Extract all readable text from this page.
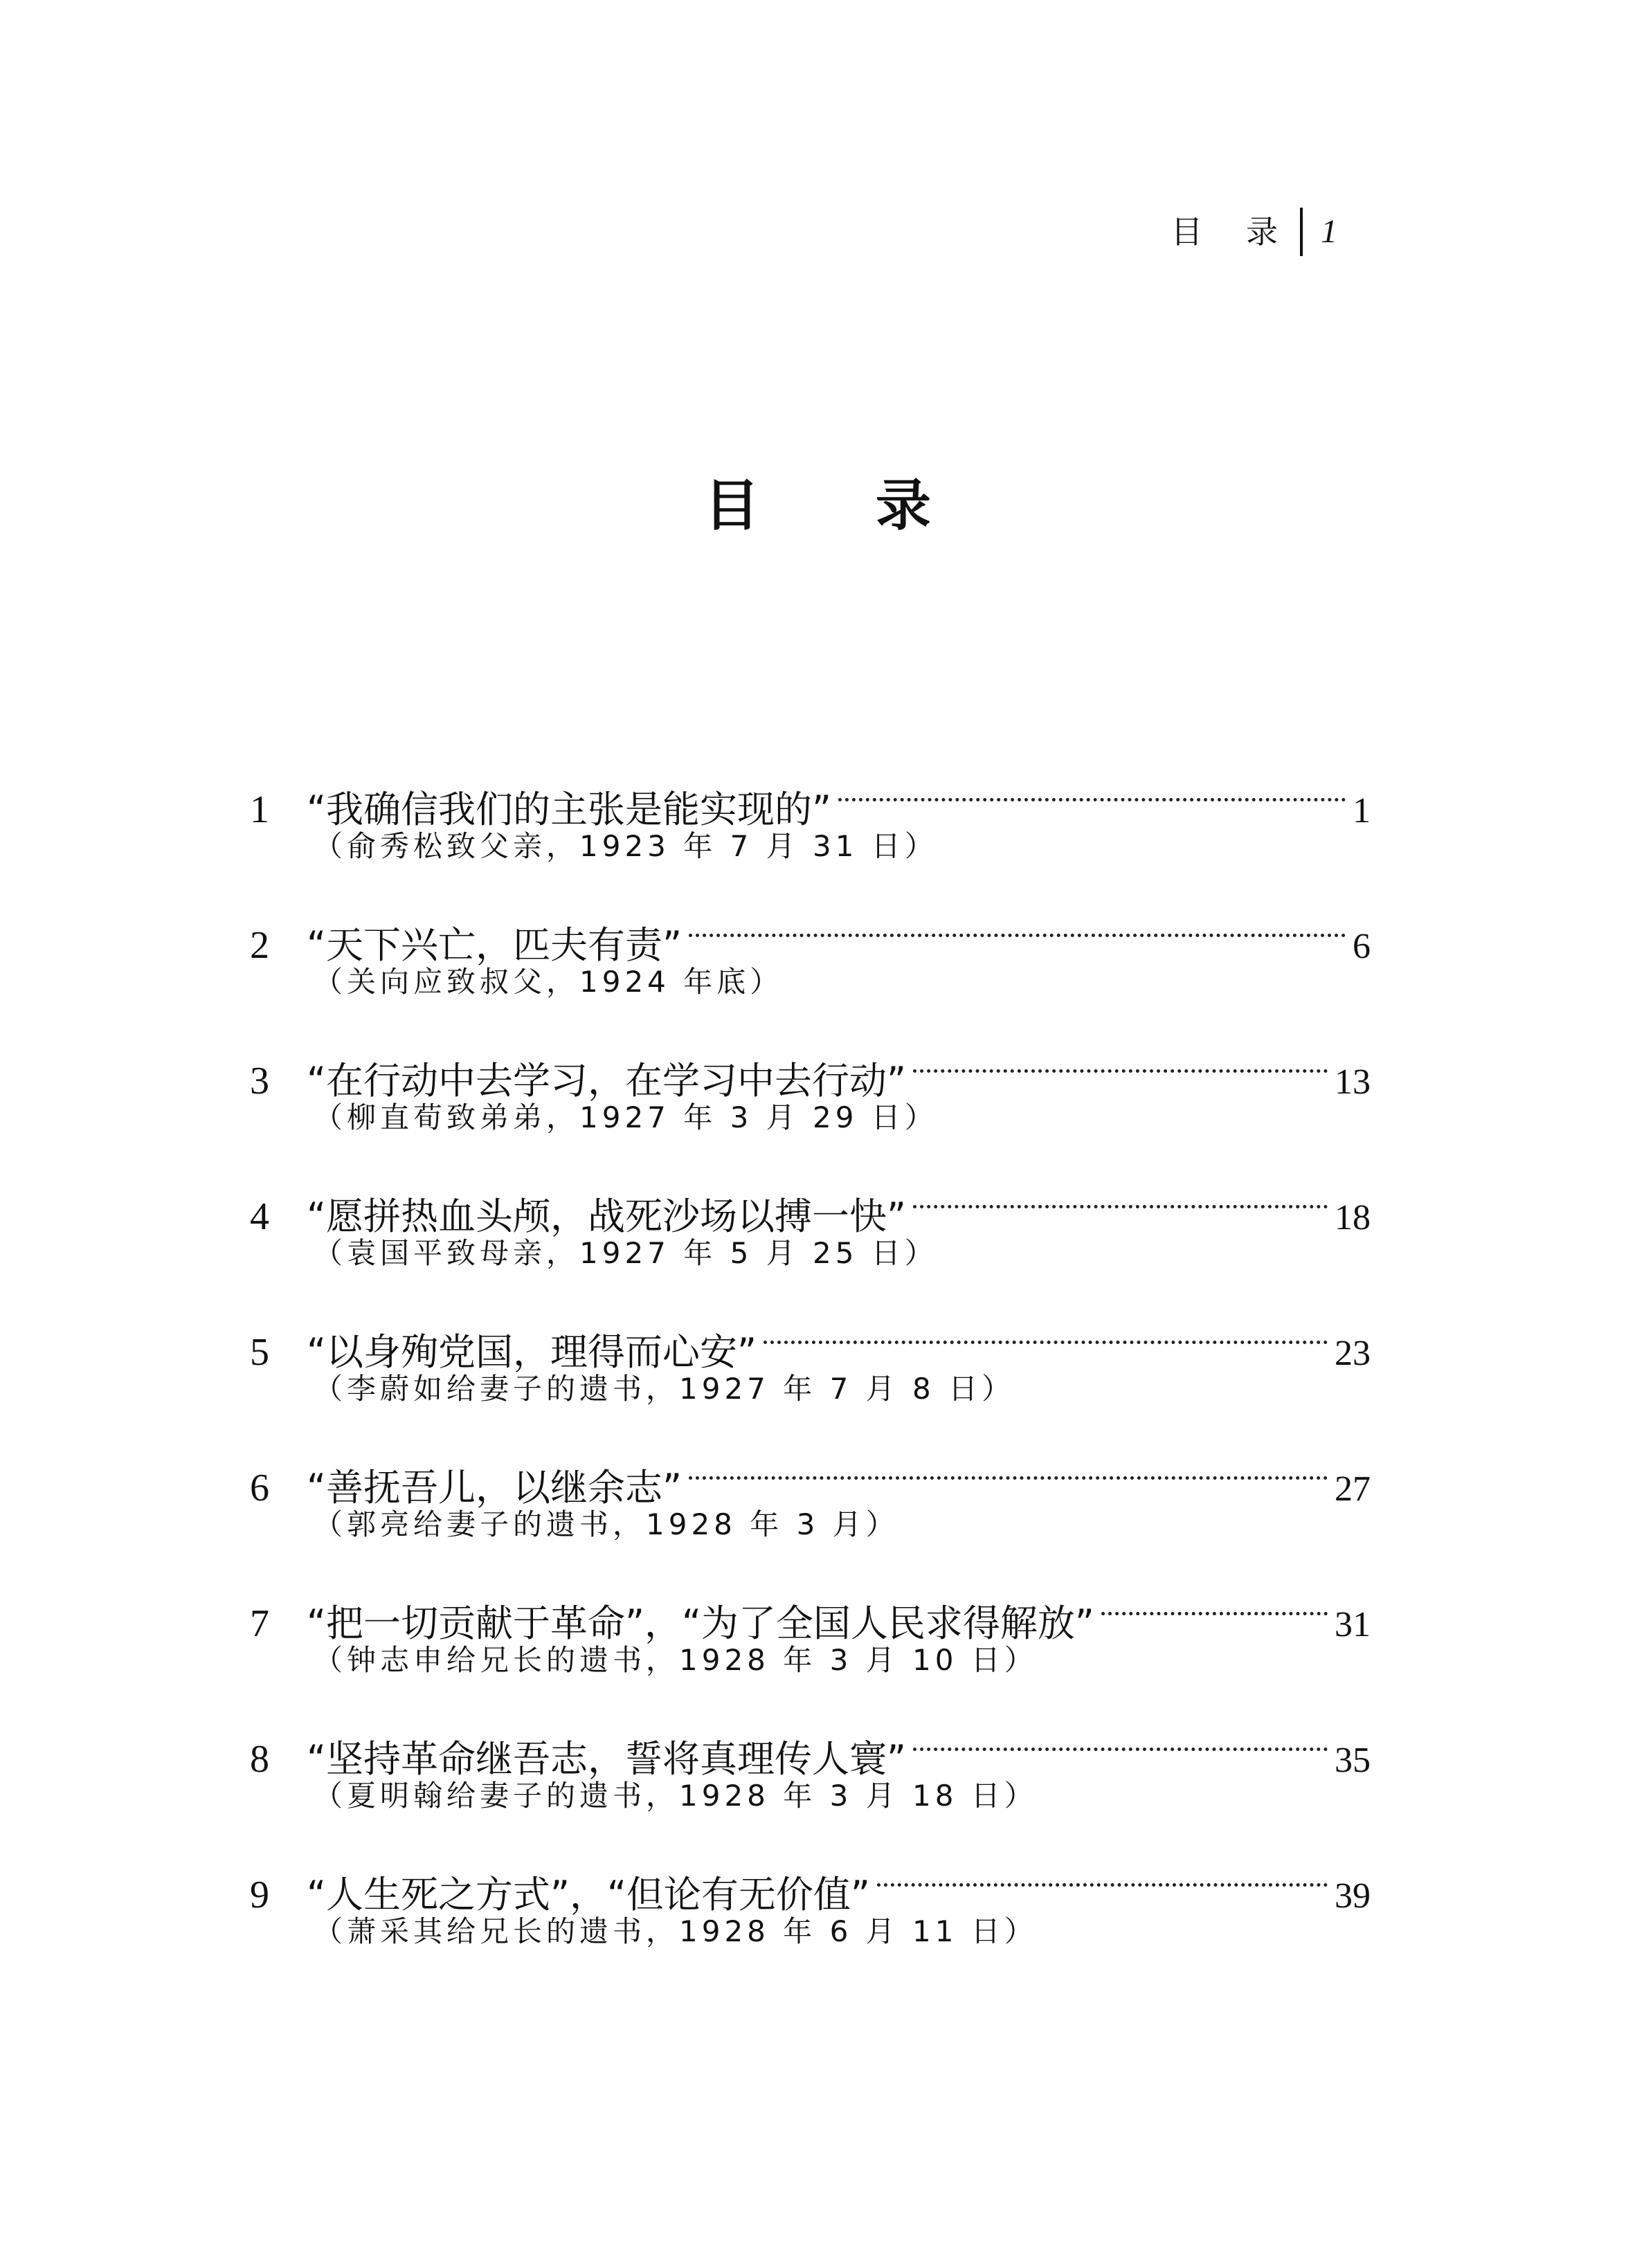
目 录 1
目 录
1	“我确信我们的主张是能实现的”	1
（俞秀松致父亲，1923 年 7 月 31 日）
2	“天下兴亡，匹夫有责”	6
（关向应致叔父，1924 年底）
3	“在行动中去学习，在学习中去行动”	13
（柳直荀致弟弟，1927 年 3 月 29 日）
4	“愿拼热血头颅，战死沙场以搏一快”	18
（袁国平致母亲，1927 年 5 月 25 日）
5	“以身殉党国，理得而心安”	23
（李蔚如给妻子的遗书，1927 年 7 月 8 日）
6	“善抚吾儿，以继余志”	27
（郭亮给妻子的遗书，1928 年 3 月）
7	“把一切贡献于革命”，“为了全国人民求得解放”	31
（钟志申给兄长的遗书，1928 年 3 月 10 日）
8	“坚持革命继吾志，誓将真理传人寰”	35
（夏明翰给妻子的遗书，1928 年 3 月 18 日）
9	“人生死之方式”，“但论有无价值”	39
（萧采其给兄长的遗书，1928 年 6 月 11 日）
